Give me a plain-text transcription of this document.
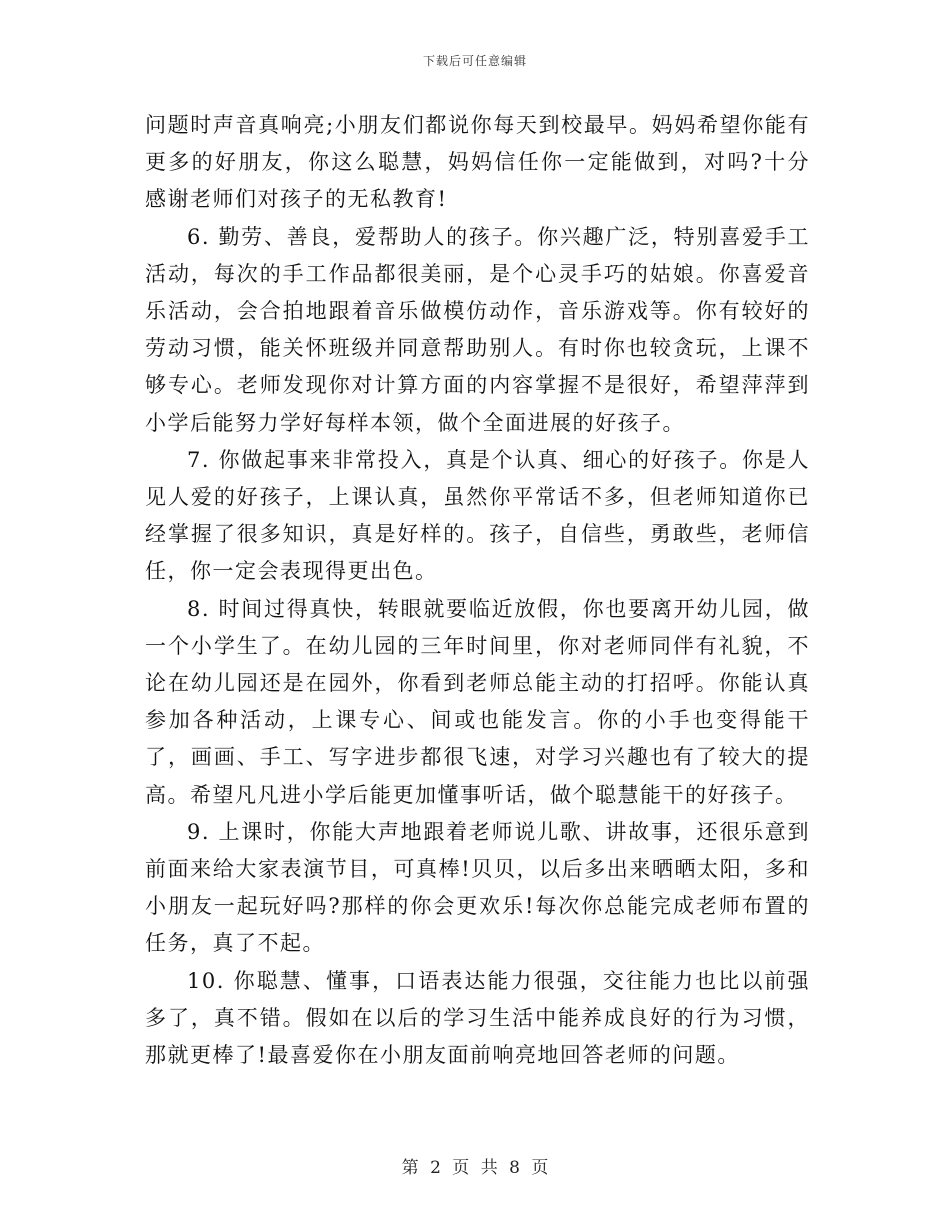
下载后可任意编辑

问题时声音真响亮;小朋友们都说你每天到校最早。妈妈希望你能有更多的好朋友，你这么聪慧，妈妈信任你一定能做到，对吗?十分感谢老师们对孩子的无私教育!

6. 勤劳、善良，爱帮助人的孩子。你兴趣广泛，特别喜爱手工活动，每次的手工作品都很美丽，是个心灵手巧的姑娘。你喜爱音乐活动，会合拍地跟着音乐做模仿动作，音乐游戏等。你有较好的劳动习惯，能关怀班级并同意帮助别人。有时你也较贪玩，上课不够专心。老师发现你对计算方面的内容掌握不是很好，希望萍萍到小学后能努力学好每样本领，做个全面进展的好孩子。

7. 你做起事来非常投入，真是个认真、细心的好孩子。你是人见人爱的好孩子，上课认真，虽然你平常话不多，但老师知道你已经掌握了很多知识，真是好样的。孩子，自信些，勇敢些，老师信任，你一定会表现得更出色。

8. 时间过得真快，转眼就要临近放假，你也要离开幼儿园，做一个小学生了。在幼儿园的三年时间里，你对老师同伴有礼貌，不论在幼儿园还是在园外，你看到老师总能主动的打招呼。你能认真参加各种活动，上课专心、间或也能发言。你的小手也变得能干了，画画、手工、写字进步都很飞速，对学习兴趣也有了较大的提高。希望凡凡进小学后能更加懂事听话，做个聪慧能干的好孩子。

9. 上课时，你能大声地跟着老师说儿歌、讲故事，还很乐意到前面来给大家表演节目，可真棒!贝贝，以后多出来晒晒太阳，多和小朋友一起玩好吗?那样的你会更欢乐!每次你总能完成老师布置的任务，真了不起。

10. 你聪慧、懂事，口语表达能力很强，交往能力也比以前强多了，真不错。假如在以后的学习生活中能养成良好的行为习惯，那就更棒了!最喜爱你在小朋友面前响亮地回答老师的问题。

第 2 页 共 8 页
